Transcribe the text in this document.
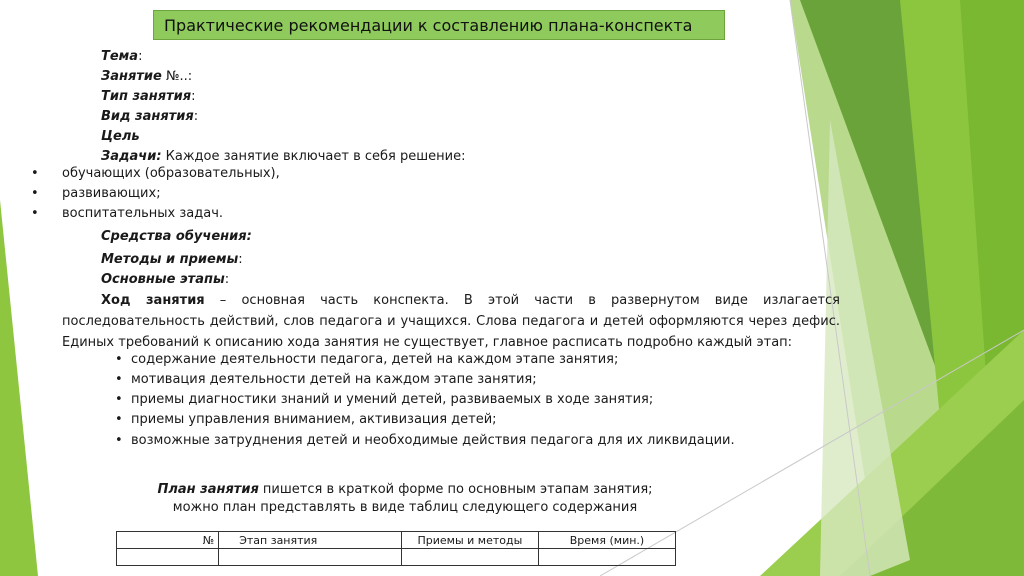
Практические рекомендации к составлению плана-конспекта
Тема:
Занятие №..:
Тип занятия:
Вид занятия:
Цель
Задачи: Каждое занятие включает в себя решение:
• обучающих (образовательных),
• развивающих;
• воспитательных задач.
Средства обучения:
Методы и приемы:
Основные этапы:
Ход занятия – основная часть конспекта. В этой части в развернутом виде излагается последовательность действий, слов педагога и учащихся. Слова педагога и детей оформляются через дефис. Единых требований к описанию хода занятия не существует, главное расписать подробно каждый этап:
• содержание деятельности педагога, детей на каждом этапе занятия;
• мотивация деятельности детей на каждом этапе занятия;
• приемы диагностики знаний и умений детей, развиваемых в ходе занятия;
• приемы управления вниманием, активизация детей;
• возможные затруднения детей и необходимые действия педагога для их ликвидации.
План занятия пишется в краткой форме по основным этапам занятия;
можно план представлять в виде таблиц следующего содержания
№	Этап занятия	Приемы и методы	Время (мин.)
